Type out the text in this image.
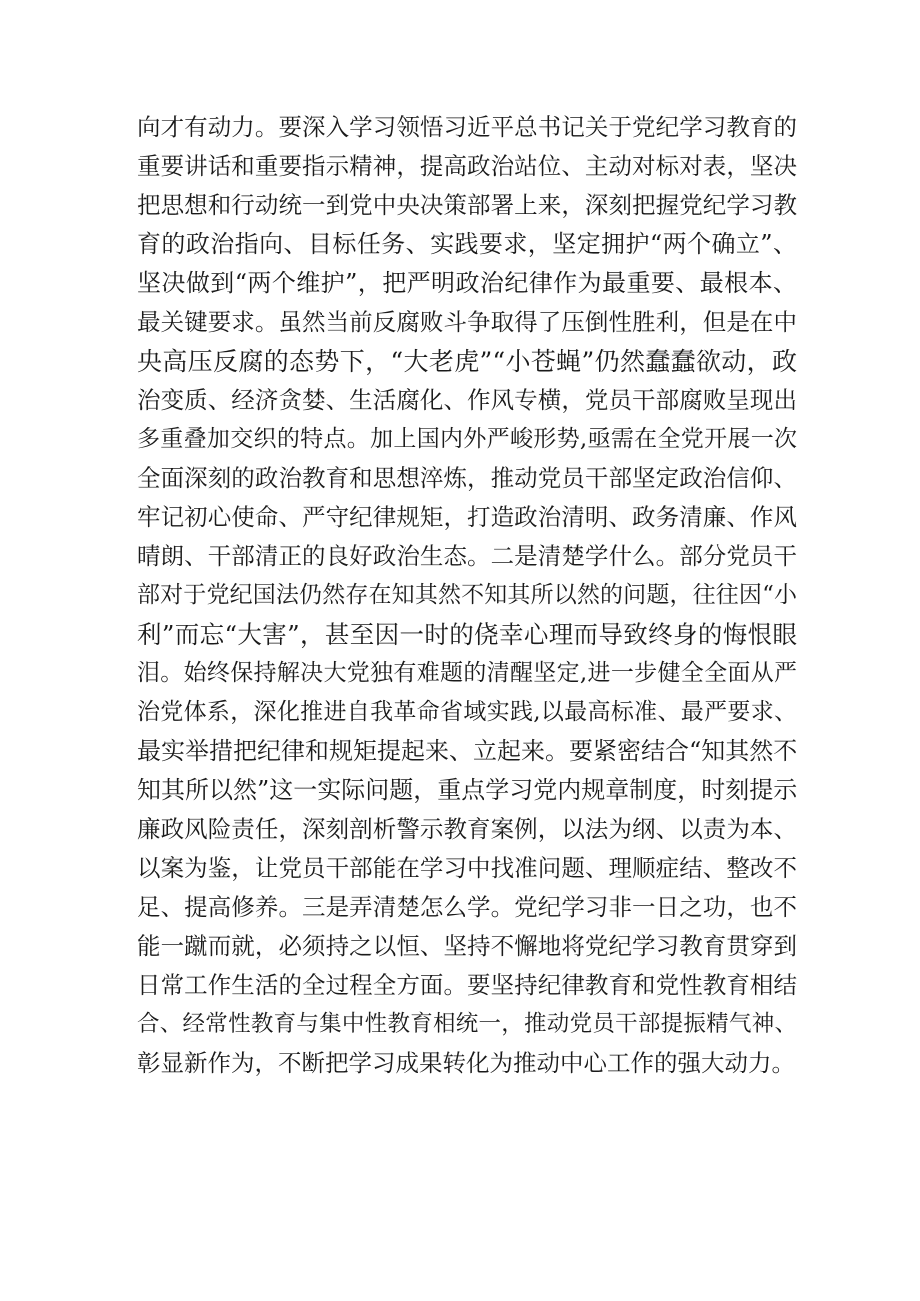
向才有动力。要深入学习领悟习近平总书记关于党纪学习教育的
重要讲话和重要指示精神，提高政治站位、主动对标对表，坚决
把思想和行动统一到党中央决策部署上来，深刻把握党纪学习教
育的政治指向、目标任务、实践要求，坚定拥护“两个确立”、
坚决做到“两个维护”，把严明政治纪律作为最重要、最根本、
最关键要求。虽然当前反腐败斗争取得了压倒性胜利，但是在中
央高压反腐的态势下，“大老虎”“小苍蝇”仍然蠢蠢欲动，政
治变质、经济贪婪、生活腐化、作风专横，党员干部腐败呈现出
多重叠加交织的特点。加上国内外严峻形势,亟需在全党开展一次
全面深刻的政治教育和思想淬炼，推动党员干部坚定政治信仰、
牢记初心使命、严守纪律规矩，打造政治清明、政务清廉、作风
晴朗、干部清正的良好政治生态。二是清楚学什么。部分党员干
部对于党纪国法仍然存在知其然不知其所以然的问题，往往因“小
利”而忘“大害”，甚至因一时的侥幸心理而导致终身的悔恨眼
泪。始终保持解决大党独有难题的清醒坚定,进一步健全全面从严
治党体系，深化推进自我革命省域实践,以最高标准、最严要求、
最实举措把纪律和规矩提起来、立起来。要紧密结合“知其然不
知其所以然”这一实际问题，重点学习党内规章制度，时刻提示
廉政风险责任，深刻剖析警示教育案例，以法为纲、以责为本、
以案为鉴，让党员干部能在学习中找准问题、理顺症结、整改不
足、提高修养。三是弄清楚怎么学。党纪学习非一日之功，也不
能一蹴而就，必须持之以恒、坚持不懈地将党纪学习教育贯穿到
日常工作生活的全过程全方面。要坚持纪律教育和党性教育相结
合、经常性教育与集中性教育相统一，推动党员干部提振精气神、
彰显新作为，不断把学习成果转化为推动中心工作的强大动力。
